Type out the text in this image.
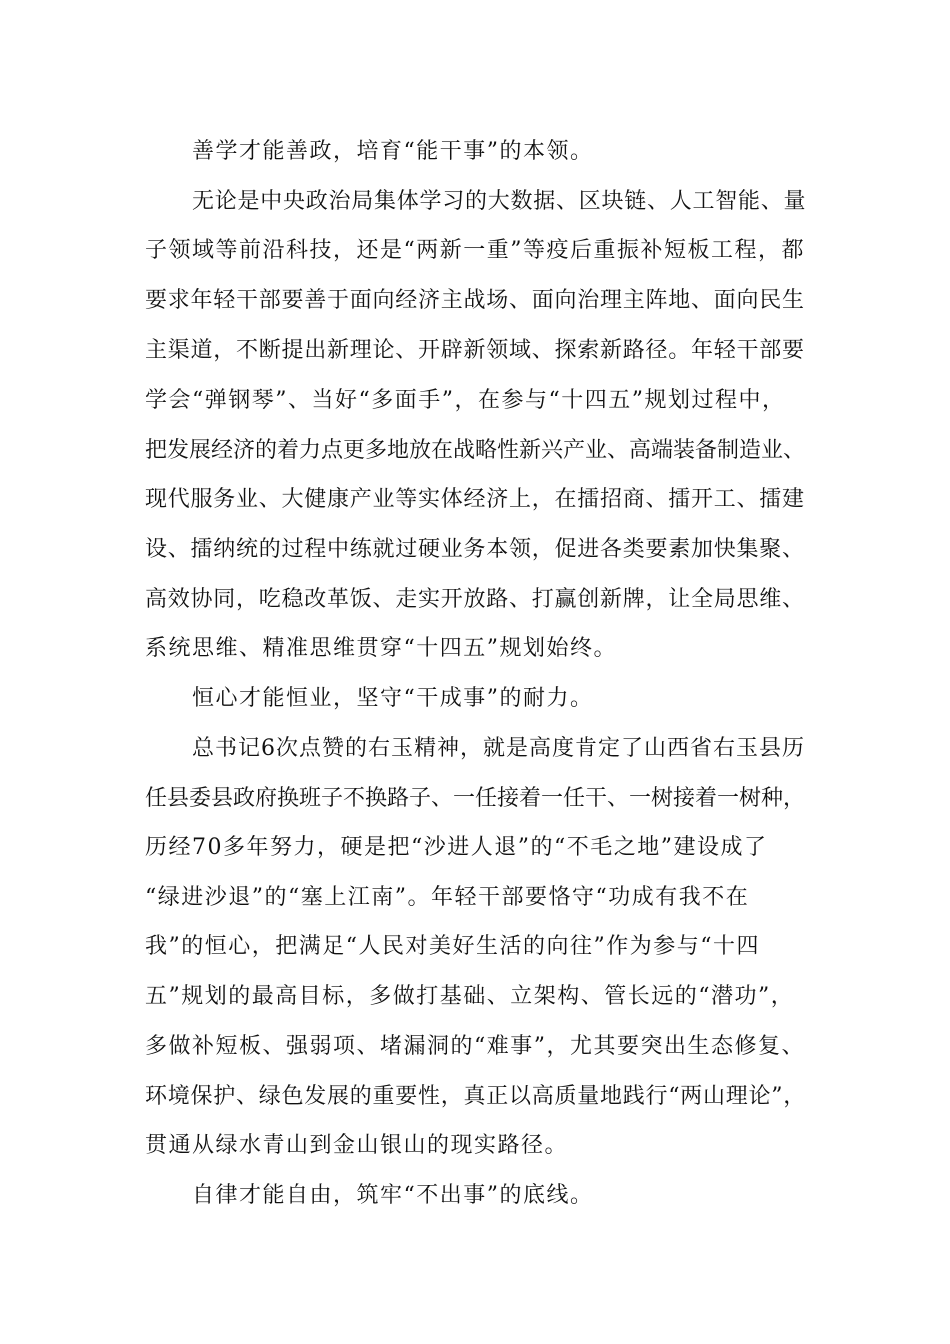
善学才能善政，培育“能干事”的本领。
无论是中央政治局集体学习的大数据、区块链、人工智能、量
子领域等前沿科技，还是“两新一重”等疫后重振补短板工程，都
要求年轻干部要善于面向经济主战场、面向治理主阵地、面向民生
主渠道，不断提出新理论、开辟新领域、探索新路径。年轻干部要
学会“弹钢琴”、当好“多面手”，在参与“十四五”规划过程中，
把发展经济的着力点更多地放在战略性新兴产业、高端装备制造业、
现代服务业、大健康产业等实体经济上，在擂招商、擂开工、擂建
设、擂纳统的过程中练就过硬业务本领，促进各类要素加快集聚、
高效协同，吃稳改革饭、走实开放路、打赢创新牌，让全局思维、
系统思维、精准思维贯穿“十四五”规划始终。
恒心才能恒业，坚守“干成事”的耐力。
总书记6次点赞的右玉精神，就是高度肯定了山西省右玉县历
任县委县政府换班子不换路子、一任接着一任干、一树接着一树种，
历经70多年努力，硬是把“沙进人退”的“不毛之地”建设成了
“绿进沙退”的“塞上江南”。年轻干部要恪守“功成有我不在
我”的恒心，把满足“人民对美好生活的向往”作为参与“十四
五”规划的最高目标，多做打基础、立架构、管长远的“潜功”，
多做补短板、强弱项、堵漏洞的“难事”，尤其要突出生态修复、
环境保护、绿色发展的重要性，真正以高质量地践行“两山理论”，
贯通从绿水青山到金山银山的现实路径。
自律才能自由，筑牢“不出事”的底线。
